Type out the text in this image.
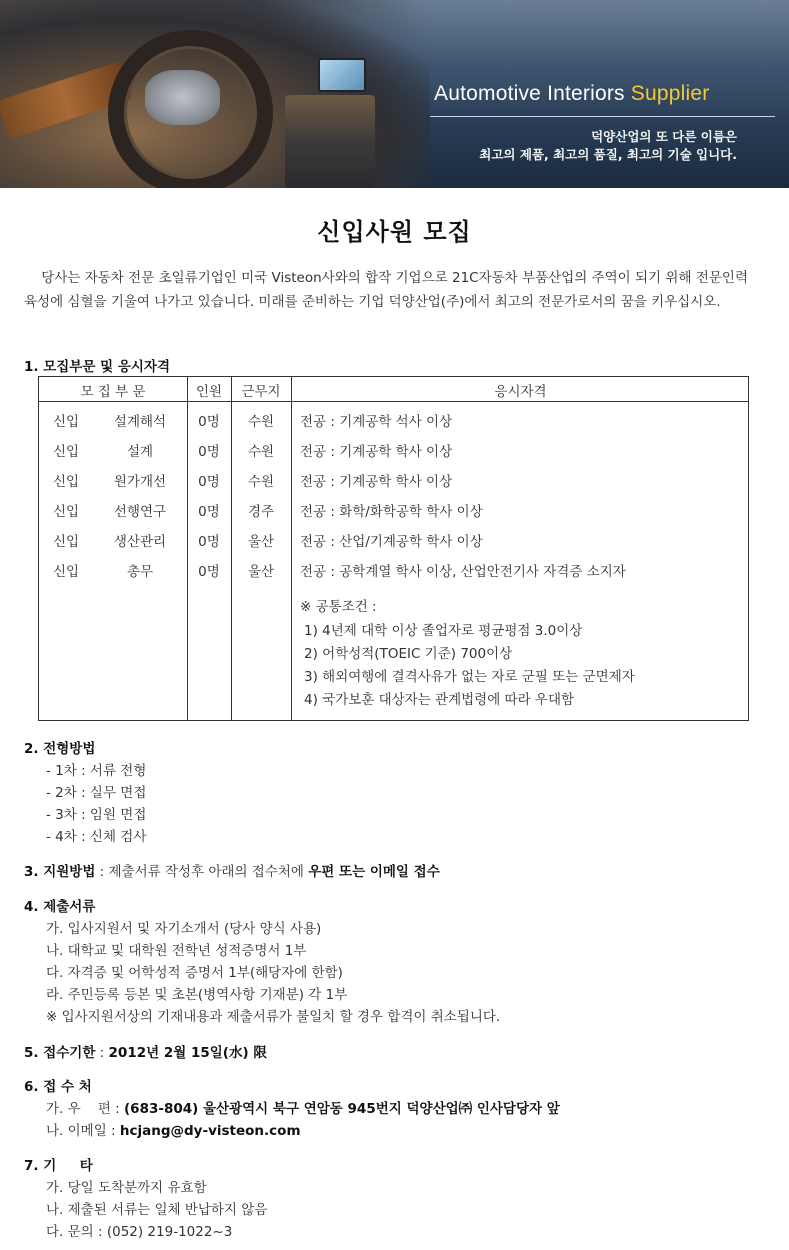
Automotive Interiors Supplier
덕양산업의 또 다른 이름은
최고의 제품, 최고의 품질, 최고의 기술 입니다.
신입사원 모집
당사는 자동차 전문 초일류기업인 미국 Visteon사와의 합작 기업으로 21C자동차 부품산업의 주역이 되기 위해 전문인력 육성에 심혈을 기울여 나가고 있습니다. 미래를 준비하는 기업 덕양산업(주)에서 최고의 전문가로서의 꿈을 키우십시오.
1. 모집부문 및 응시자격
모 집 부 문	인원	근무지	응시자격
신입	설계해석	0명	수원	전공 : 기계공학 석사 이상
신입	설계	0명	수원	전공 : 기계공학 학사 이상
신입	원가개선	0명	수원	전공 : 기계공학 학사 이상
신입	선행연구	0명	경주	전공 : 화학/화학공학 학사 이상
신입	생산관리	0명	울산	전공 : 산업/기계공학 학사 이상
신입	총무	0명	울산	전공 : 공학계열 학사 이상, 산업안전기사 자격증 소지자
※ 공통조건 :
1) 4년제 대학 이상 졸업자로 평균평점 3.0이상
2) 어학성적(TOEIC 기준) 700이상
3) 해외여행에 결격사유가 없는 자로 군필 또는 군면제자
4) 국가보훈 대상자는 관계법령에 따라 우대함
2. 전형방법
- 1차 : 서류 전형
- 2차 : 실무 면접
- 3차 : 임원 면접
- 4차 : 신체 검사
3. 지원방법 : 제출서류 작성후 아래의 접수처에 우편 또는 이메일 접수
4. 제출서류
가. 입사지원서 및 자기소개서 (당사 양식 사용)
나. 대학교 및 대학원 전학년 성적증명서 1부
다. 자격증 및 어학성적 증명서 1부(해당자에 한함)
라. 주민등록 등본 및 초본(병역사항 기재분) 각 1부
※ 입사지원서상의 기재내용과 제출서류가 불일치 할 경우 합격이 취소됩니다.
5. 접수기한 : 2012년 2월 15일(水) 限
6. 접 수 처
가. 우    편 : (683-804) 울산광역시 북구 연암동 945번지 덕양산업㈜ 인사담당자 앞
나. 이메일 : hcjang@dy-visteon.com
7. 기     타
가. 당일 도착분까지 유효함
나. 제출된 서류는 일체 반납하지 않음
다. 문의 : (052) 219-1022~3
